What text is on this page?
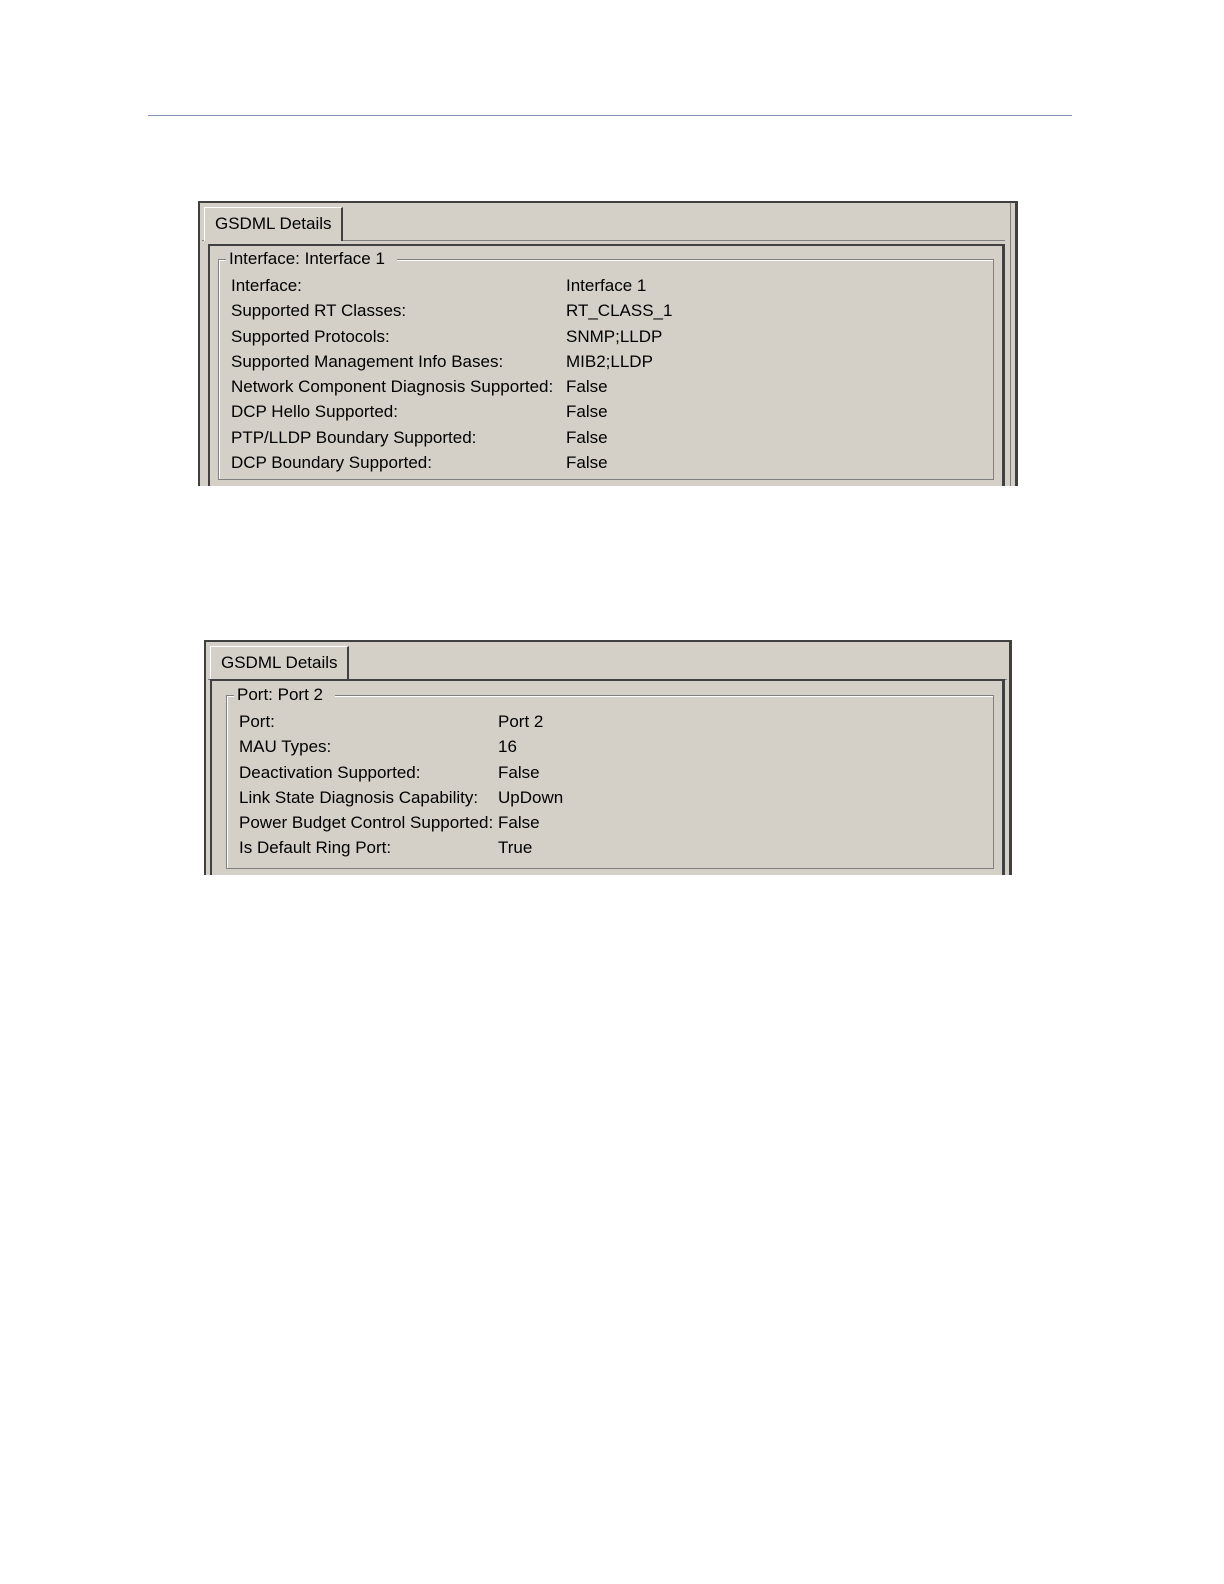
GSDML Details
Interface: Interface 1
Interface:	Interface 1
Supported RT Classes:	RT_CLASS_1
Supported Protocols:	SNMP;LLDP
Supported Management Info Bases:	MIB2;LLDP
Network Component Diagnosis Supported: False
DCP Hello Supported:	False
PTP/LLDP Boundary Supported:	False
DCP Boundary Supported:	False
GSDML Details
Port: Port 2
Port:	Port 2
MAU Types:	16
Deactivation Supported:	False
Link State Diagnosis Capability: UpDown
Power Budget Control Supported: False
Is Default Ring Port:	True
